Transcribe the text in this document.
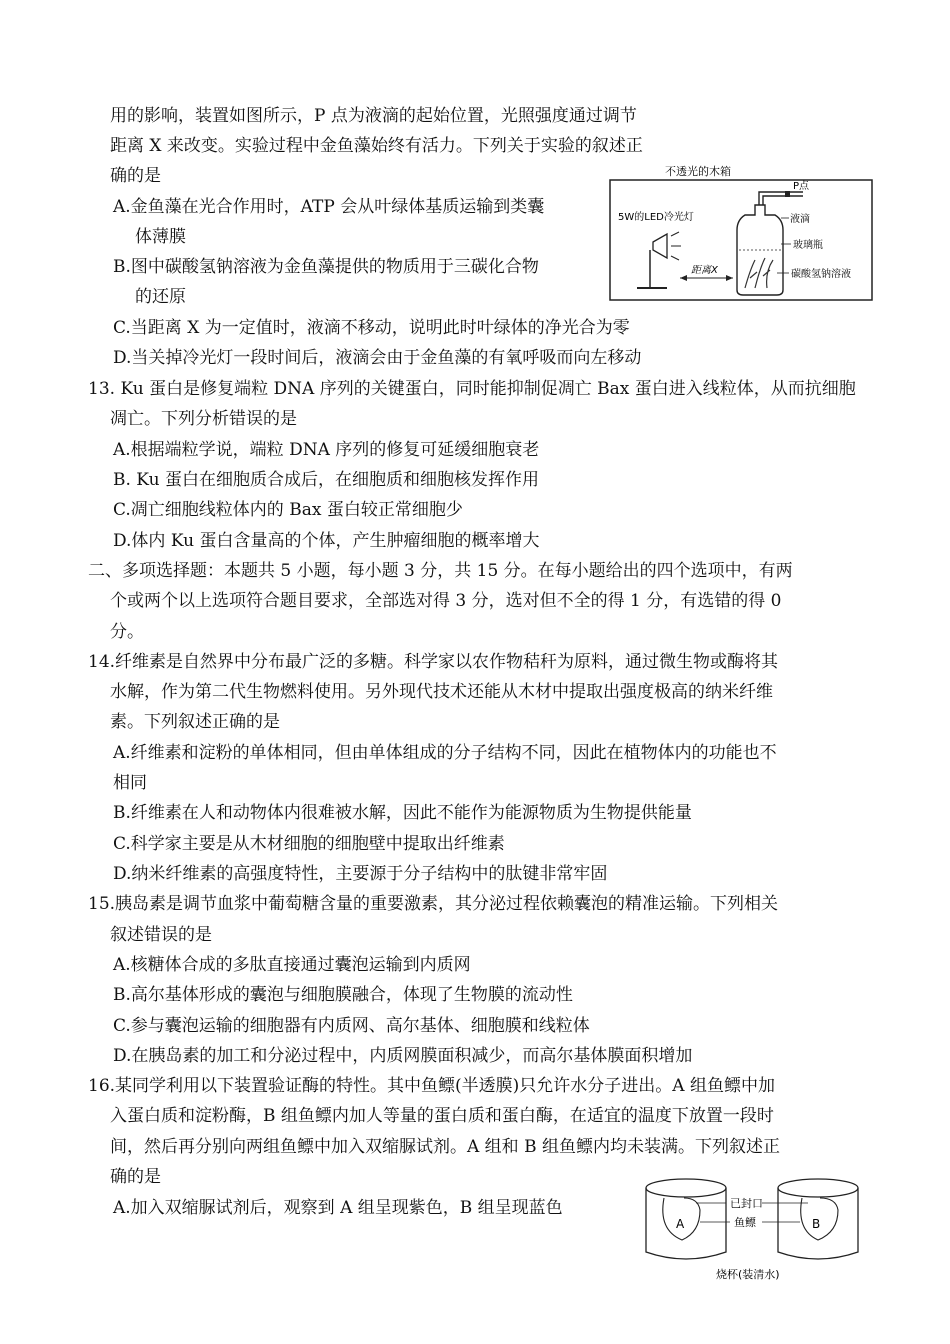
用的影响，装置如图所示，P 点为液滴的起始位置，光照强度通过调节
距离 X 来改变。实验过程中金鱼藻始终有活力。下列关于实验的叙述正
确的是
A.金鱼藻在光合作用时，ATP 会从叶绿体基质运输到类囊
体薄膜
B.图中碳酸氢钠溶液为金鱼藻提供的物质用于三碳化合物
的还原
C.当距离 X 为一定值时，液滴不移动，说明此时叶绿体的净光合为零
D.当关掉冷光灯一段时间后，液滴会由于金鱼藻的有氧呼吸而向左移动
不透光的木箱
5W的LED冷光灯
距离X
P点
液滴
玻璃瓶
碳酸氢钠溶液
13. Ku 蛋白是修复端粒 DNA 序列的关键蛋白，同时能抑制促凋亡 Bax 蛋白进入线粒体，从而抗细胞
凋亡。下列分析错误的是
A.根据端粒学说，端粒 DNA 序列的修复可延缓细胞衰老
B. Ku 蛋白在细胞质合成后，在细胞质和细胞核发挥作用
C.凋亡细胞线粒体内的 Bax 蛋白较正常细胞少
D.体内 Ku 蛋白含量高的个体，产生肿瘤细胞的概率增大
二、多项选择题：本题共 5 小题，每小题 3 分，共 15 分。在每小题给出的四个选项中，有两
个或两个以上选项符合题目要求，全部选对得 3 分，选对但不全的得 1 分，有选错的得 0
分。
14.纤维素是自然界中分布最广泛的多糖。科学家以农作物秸秆为原料，通过微生物或酶将其
水解，作为第二代生物燃料使用。另外现代技术还能从木材中提取出强度极高的纳米纤维
素。下列叙述正确的是
A.纤维素和淀粉的单体相同，但由单体组成的分子结构不同，因此在植物体内的功能也不
相同
B.纤维素在人和动物体内很难被水解，因此不能作为能源物质为生物提供能量
C.科学家主要是从木材细胞的细胞壁中提取出纤维素
D.纳米纤维素的高强度特性，主要源于分子结构中的肽键非常牢固
15.胰岛素是调节血浆中葡萄糖含量的重要激素，其分泌过程依赖囊泡的精准运输。下列相关
叙述错误的是
A.核糖体合成的多肽直接通过囊泡运输到内质网
B.高尔基体形成的囊泡与细胞膜融合，体现了生物膜的流动性
C.参与囊泡运输的细胞器有内质网、高尔基体、细胞膜和线粒体
D.在胰岛素的加工和分泌过程中，内质网膜面积减少，而高尔基体膜面积增加
16.某同学利用以下装置验证酶的特性。其中鱼鳔(半透膜)只允许水分子进出。A 组鱼鳔中加
入蛋白质和淀粉酶，B 组鱼鳔内加人等量的蛋白质和蛋白酶，在适宜的温度下放置一段时
间，然后再分别向两组鱼鳔中加入双缩脲试剂。A 组和 B 组鱼鳔内均未装满。下列叙述正
确的是
A.加入双缩脲试剂后，观察到 A 组呈现紫色，B 组呈现蓝色
A	B
已封口
鱼鳔
烧杯(装清水)
